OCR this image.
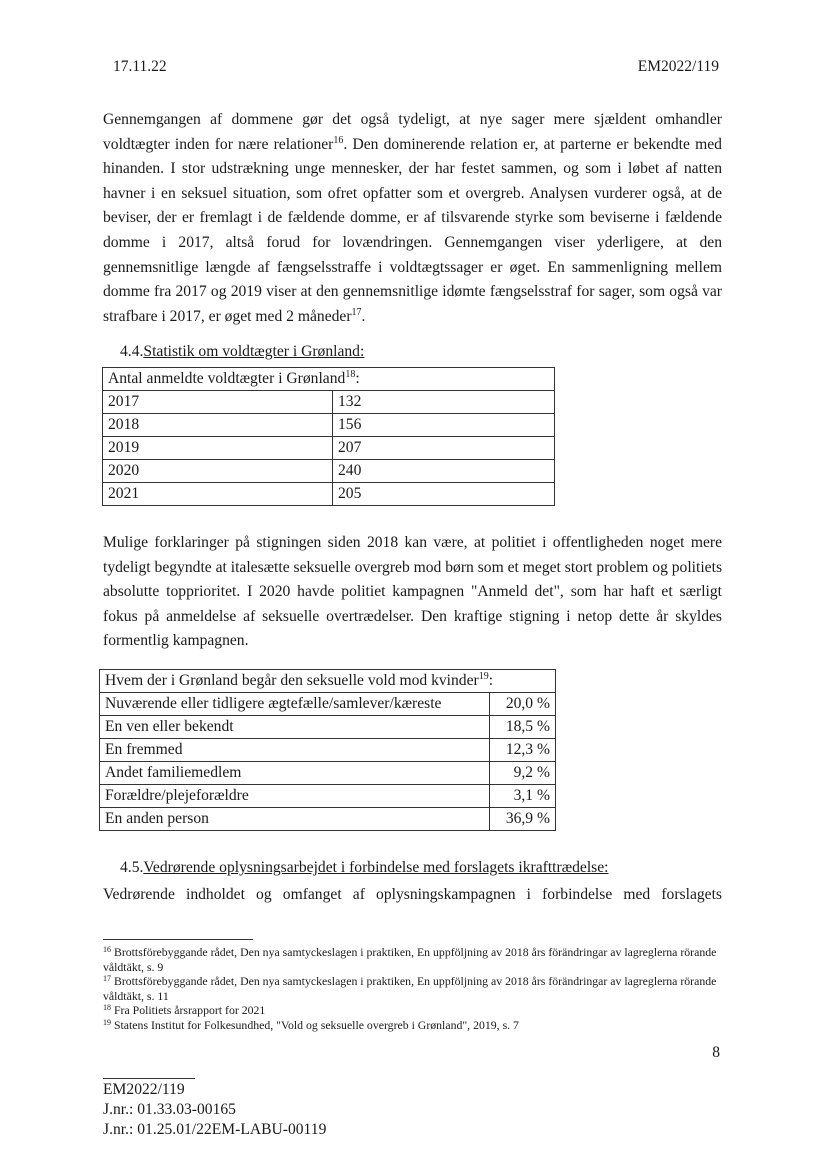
17.11.22	EM2022/119

Gennemgangen af dommene gør det også tydeligt, at nye sager mere sjældent omhandler voldtægter inden for nære relationer$^{16}$. Den dominerende relation er, at parterne er bekendte med hinanden. I stor udstrækning unge mennesker, der har festet sammen, og som i løbet af natten havner i en seksuel situation, som ofret opfatter som et overgreb. Analysen vurderer også, at de beviser, der er fremlagt i de fældende domme, er af tilsvarende styrke som beviserne i fældende domme i 2017, altså forud for lovændringen. Gennemgangen viser yderligere, at den gennemsnitlige længde af fængselsstraffe i voldtægtssager er øget. En sammenligning mellem domme fra 2017 og 2019 viser at den gennemsnitlige idømte fængselsstraf for sager, som også var strafbare i 2017, er øget med 2 måneder$^{17}$.

4.4.Statistik om voldtægter i Grønland:
Antal anmeldte voldtægter i Grønland$^{18}$:	
2017	132
2018	156
2019	207
2020	240
2021	205

Mulige forklaringer på stigningen siden 2018 kan være, at politiet i offentligheden noget mere tydeligt begyndte at italesætte seksuelle overgreb mod børn som et meget stort problem og politiets absolutte topprioritet. I 2020 havde politiet kampagnen "Anmeld det", som har haft et særligt fokus på anmeldelse af seksuelle overtrædelser. Den kraftige stigning i netop dette år skyldes formentlig kampagnen.

Hvem der i Grønland begår den seksuelle vold mod kvinder$^{19}$:	
Nuværende eller tidligere ægtefælle/samlever/kæreste	20,0 %
En ven eller bekendt	18,5 %
En fremmed	12,3 %
Andet familiemedlem	9,2 %
Forældre/plejeforældre	3,1 %
En anden person	36,9 %
4.5.Vedrørende oplysningsarbejdet i forbindelse med forslagets ikrafttrædelse:
Vedrørende indholdet og omfanget af oplysningskampagnen i forbindelse med forslagets

$^{16}$ Brottsförebyggande rådet, Den nya samtyckeslagen i praktiken, En uppföljning av 2018 års förändringar av lagreglerna rörande våldtäkt, s. 9

$^{17}$ Brottsförebyggande rådet, Den nya samtyckeslagen i praktiken, En uppföljning av 2018 års förändringar av lagreglerna rörande våldtäkt, s. 11

$^{18}$ Fra Politiets årsrapport for 2021

$^{19}$ Statens Institut for Folkesundhed, "Vold og seksuelle overgreb i Grønland", 2019, s. 7

8
EM2022/119
J.nr.: 01.33.03-00165
J.nr.: 01.25.01/22EM-LABU-00119
